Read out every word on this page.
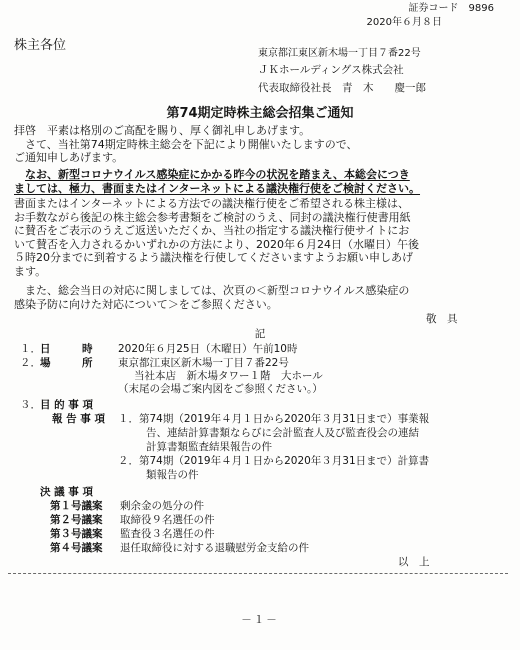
証券コード　9896
2020年６月８日
株主各位
東京都江東区新木場一丁目７番22号
ＪＫホールディングス株式会社
代表取締役社長　青　木　　慶一郎
第74期定時株主総会招集ご通知
拝啓　平素は格別のご高配を賜り、厚く御礼申しあげます。
さて、当社第74期定時株主総会を下記により開催いたしますので、
ご通知申しあげます。
なお、新型コロナウイルス感染症にかかる昨今の状況を踏まえ、本総会につき
ましては、極力、書面またはインターネットによる議決権行使をご検討ください。
書面またはインターネットによる方法での議決権行使をご希望される株主様は、
お手数ながら後記の株主総会参考書類をご検討のうえ、同封の議決権行使書用紙
に賛否をご表示のうえご返送いただくか、当社の指定する議決権行使サイトにお
いて賛否を入力されるかいずれかの方法により、2020年６月24日（水曜日）午後
５時20分までに到着するよう議決権を行使してくださいますようお願い申しあげ
ます。
また、総会当日の対応に関しましては、次頁の＜新型コロナウイルス感染症の
感染予防に向けた対応について＞をご参照ください。
敬　具
記
１． 日　　　時 2020年６月25日（木曜日）午前10時
２． 場　　　所 東京都江東区新木場一丁目７番22号
当社本店　新木場タワー１階　大ホール
（末尾の会場ご案内図をご参照ください。）
３． 目 的 事 項
報 告 事 項 １．第74期（2019年４月１日から2020年３月31日まで）事業報
告、連結計算書類ならびに会計監査人及び監査役会の連結
計算書類監査結果報告の件
２．第74期（2019年４月１日から2020年３月31日まで）計算書
類報告の件
決 議 事 項
第１号議案 剰余金の処分の件
第２号議案 取締役９名選任の件
第３号議案 監査役３名選任の件
第４号議案 退任取締役に対する退職慰労金支給の件
以　上
－１－
